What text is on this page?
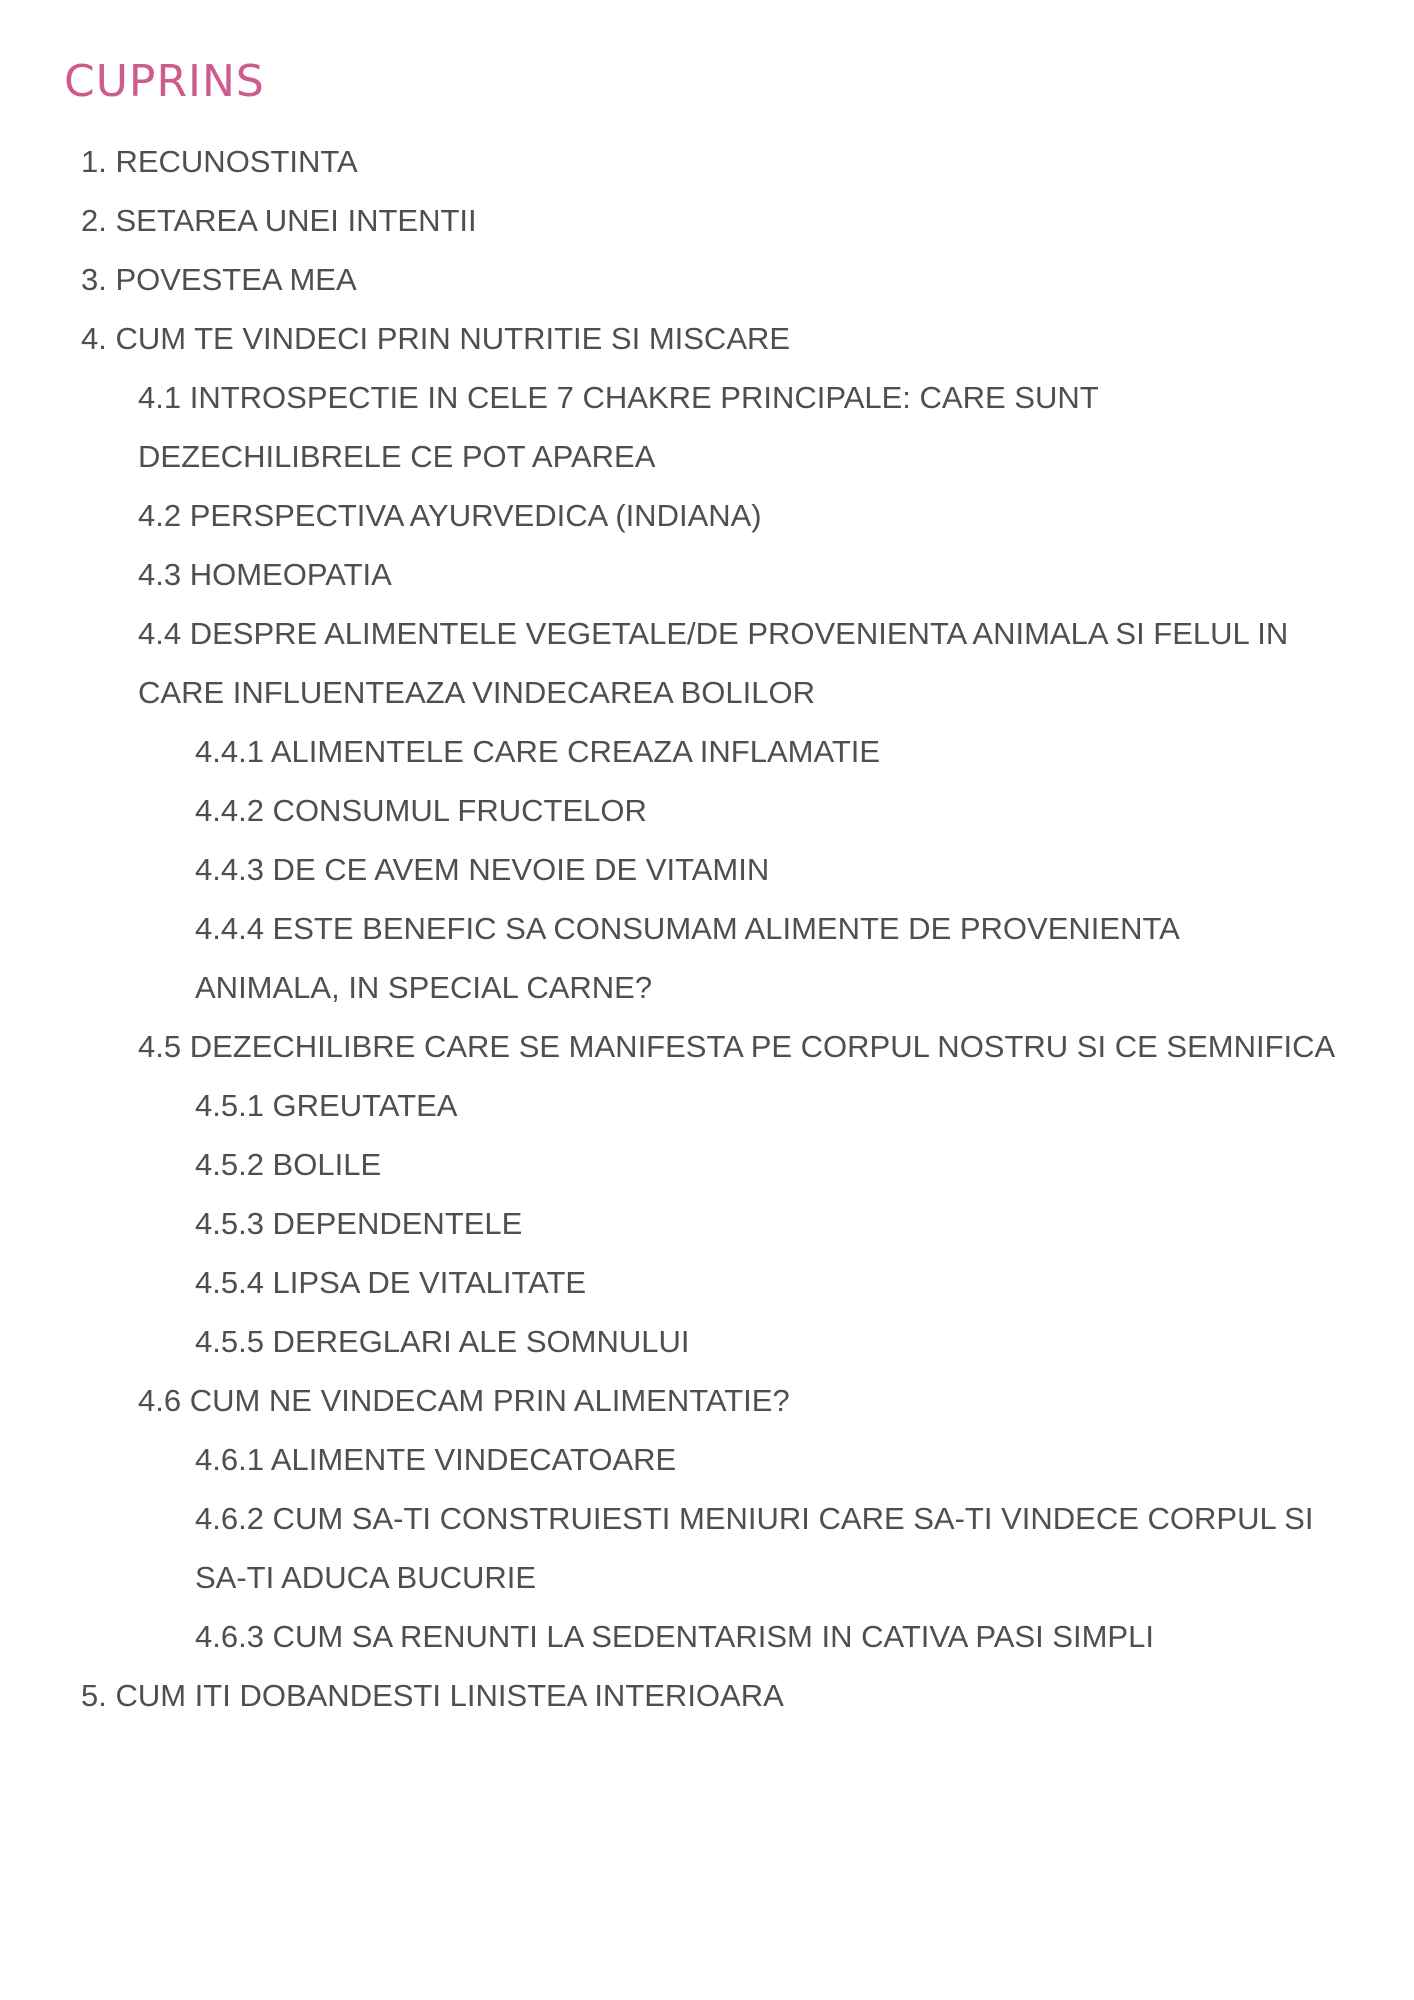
CUPRINS
1. RECUNOSTINTA
2. SETAREA UNEI INTENTII
3. POVESTEA MEA
4. CUM TE VINDECI PRIN NUTRITIE SI MISCARE
4.1 INTROSPECTIE IN CELE 7 CHAKRE PRINCIPALE: CARE SUNT
DEZECHILIBRELE CE POT APAREA
4.2 PERSPECTIVA AYURVEDICA (INDIANA)
4.3 HOMEOPATIA
4.4 DESPRE ALIMENTELE VEGETALE/DE PROVENIENTA ANIMALA SI FELUL IN
CARE INFLUENTEAZA VINDECAREA BOLILOR
4.4.1 ALIMENTELE CARE CREAZA INFLAMATIE
4.4.2 CONSUMUL FRUCTELOR
4.4.3 DE CE AVEM NEVOIE DE VITAMIN
4.4.4 ESTE BENEFIC SA CONSUMAM ALIMENTE DE PROVENIENTA
ANIMALA, IN SPECIAL CARNE?
4.5 DEZECHILIBRE CARE SE MANIFESTA PE CORPUL NOSTRU SI CE SEMNIFICA
4.5.1 GREUTATEA
4.5.2 BOLILE
4.5.3 DEPENDENTELE
4.5.4 LIPSA DE VITALITATE
4.5.5 DEREGLARI ALE SOMNULUI
4.6 CUM NE VINDECAM PRIN ALIMENTATIE?
4.6.1 ALIMENTE VINDECATOARE
4.6.2 CUM SA-TI CONSTRUIESTI MENIURI CARE SA-TI VINDECE CORPUL SI
SA-TI ADUCA BUCURIE
4.6.3 CUM SA RENUNTI LA SEDENTARISM IN CATIVA PASI SIMPLI
5. CUM ITI DOBANDESTI LINISTEA INTERIOARA
